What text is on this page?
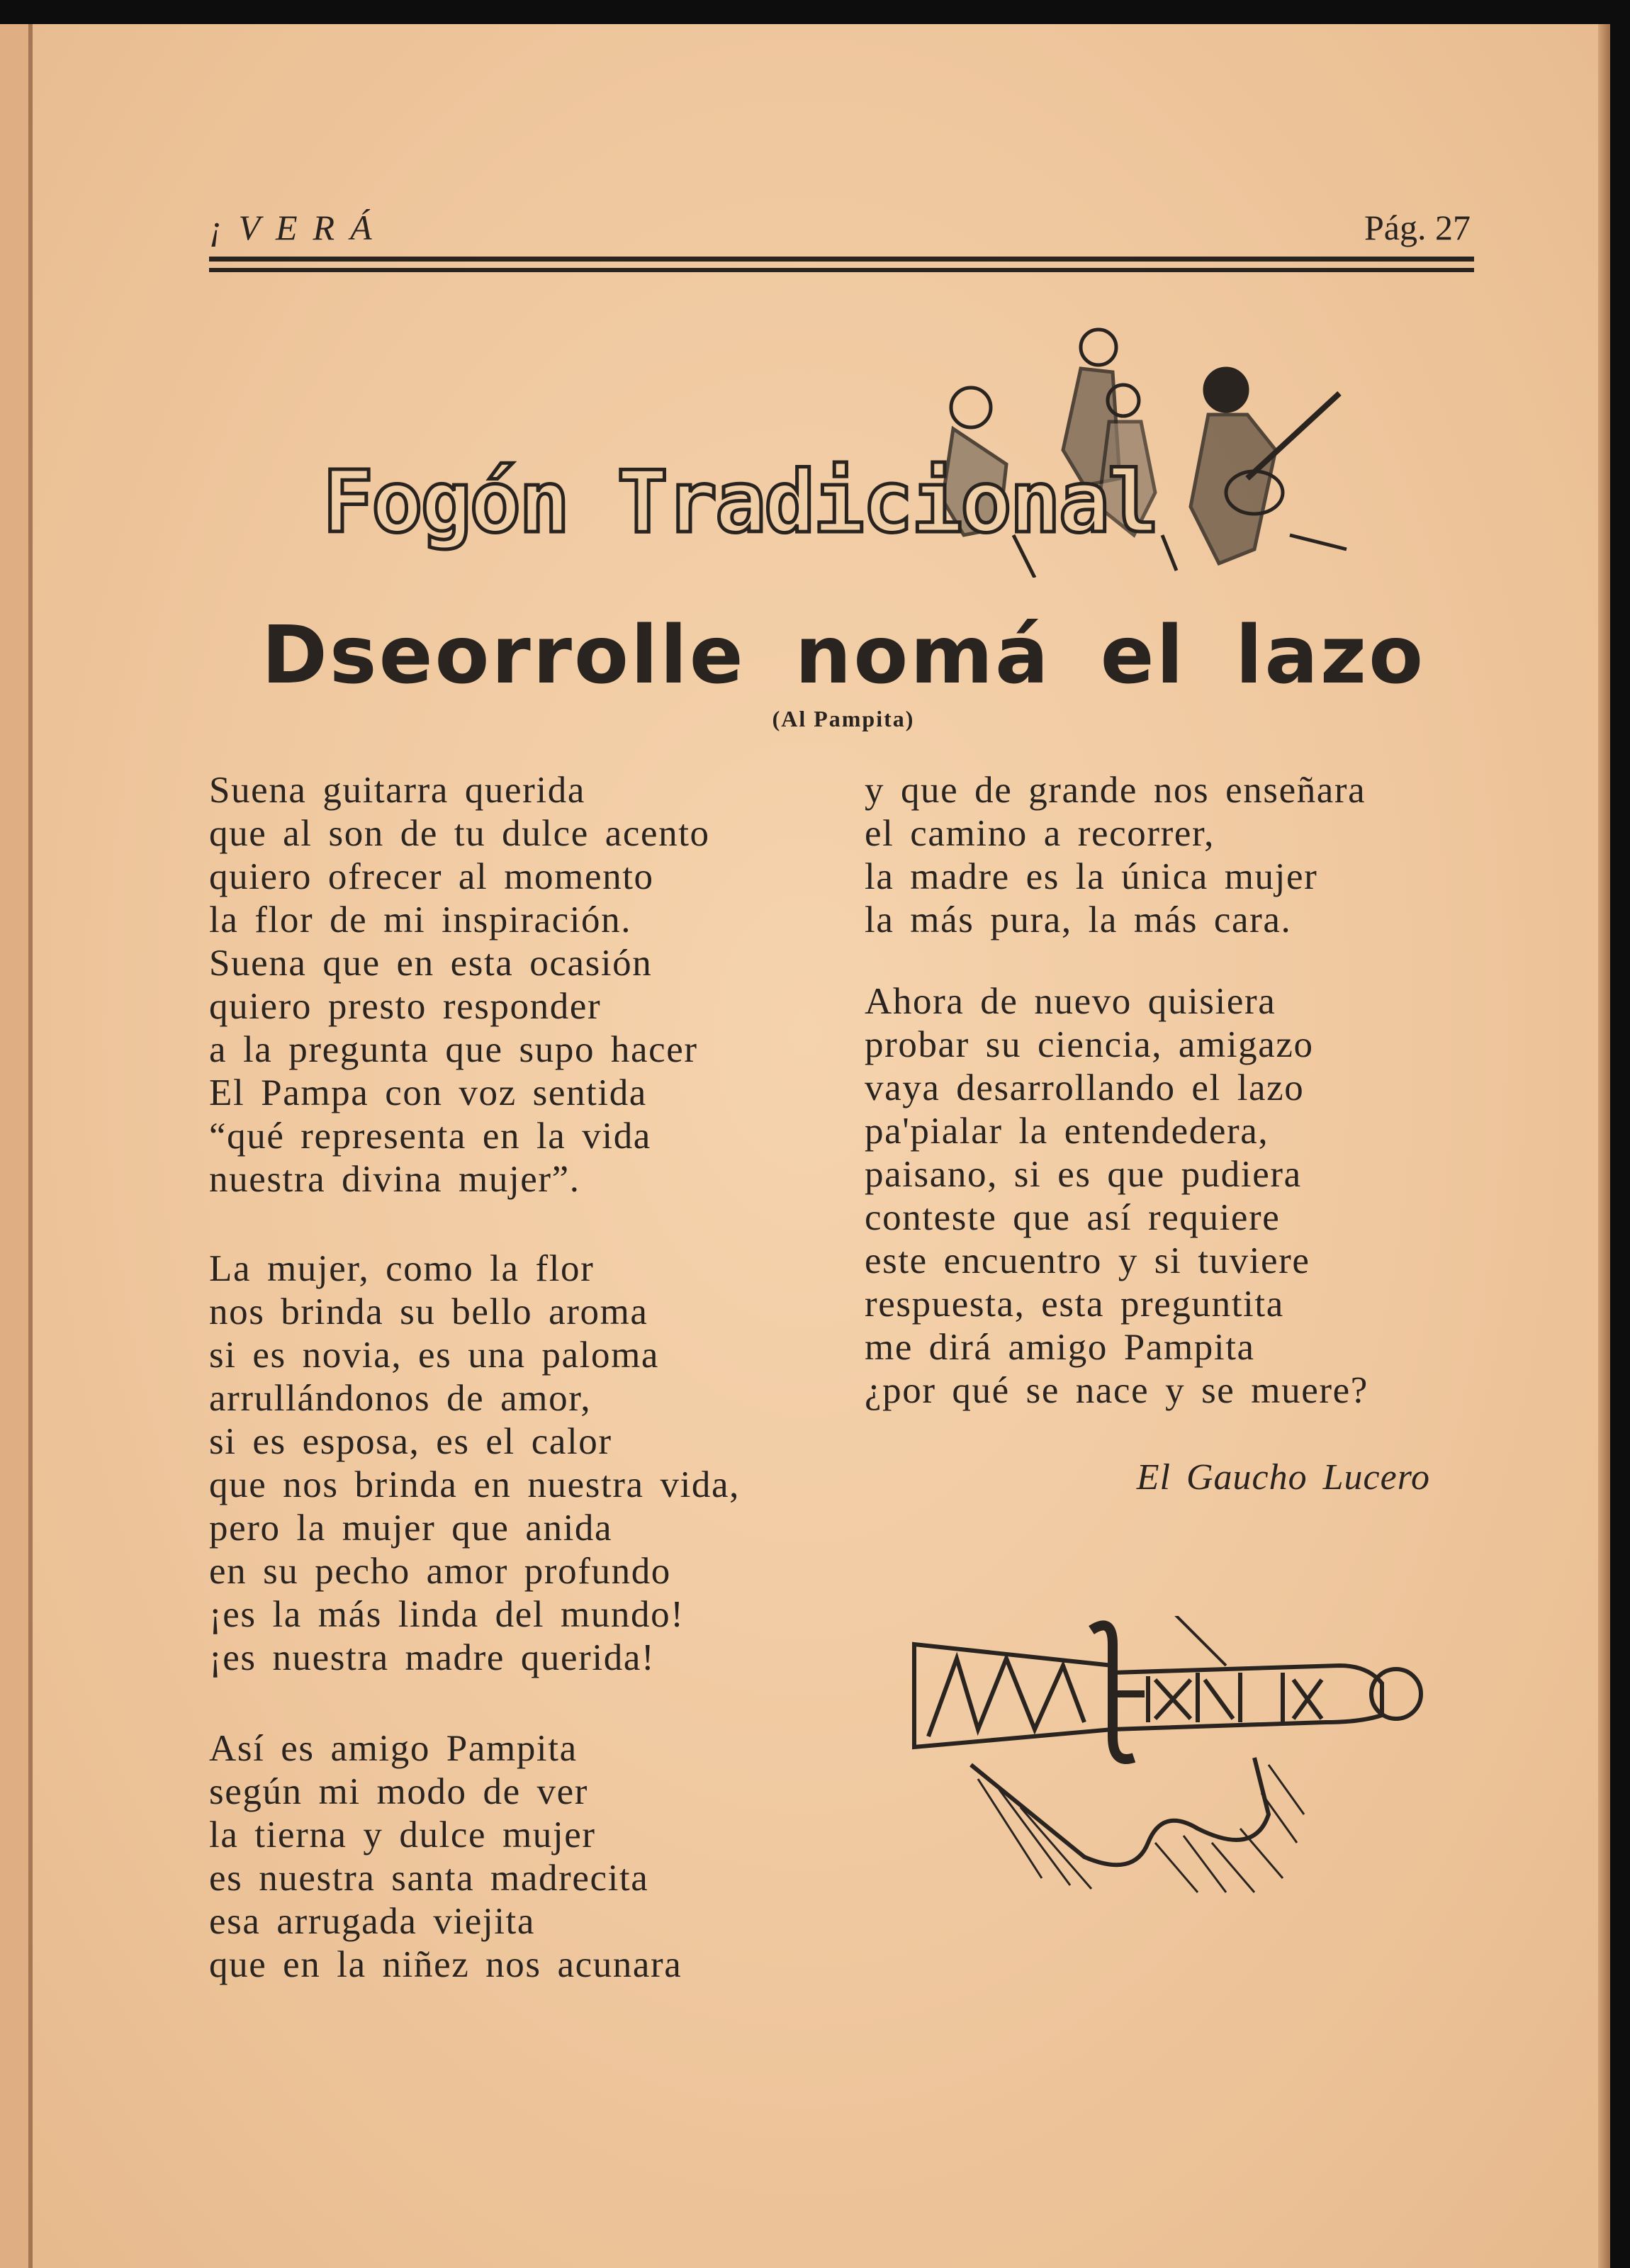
¡VERÁ	Pág. 27
Fogón Tradicional
Dseorrolle nomá el lazo
(Al Pampita)
Suena guitarra querida
que al son de tu dulce acento
quiero ofrecer al momento
la flor de mi inspiración.
Suena que en esta ocasión
quiero presto responder
a la pregunta que supo hacer
El Pampa con voz sentida
“qué representa en la vida
nuestra divina mujer”.
La mujer, como la flor
nos brinda su bello aroma
si es novia, es una paloma
arrullándonos de amor,
si es esposa, es el calor
que nos brinda en nuestra vida,
pero la mujer que anida
en su pecho amor profundo
¡es la más linda del mundo!
¡es nuestra madre querida!
Así es amigo Pampita
según mi modo de ver
la tierna y dulce mujer
es nuestra santa madrecita
esa arrugada viejita
que en la niñez nos acunara
y que de grande nos enseñara
el camino a recorrer,
la madre es la única mujer
la más pura, la más cara.
Ahora de nuevo quisiera
probar su ciencia, amigazo
vaya desarrollando el lazo
pa'pialar la entendedera,
paisano, si es que pudiera
conteste que así requiere
este encuentro y si tuviere
respuesta, esta preguntita
me dirá amigo Pampita
¿por qué se nace y se muere?
El Gaucho Lucero
